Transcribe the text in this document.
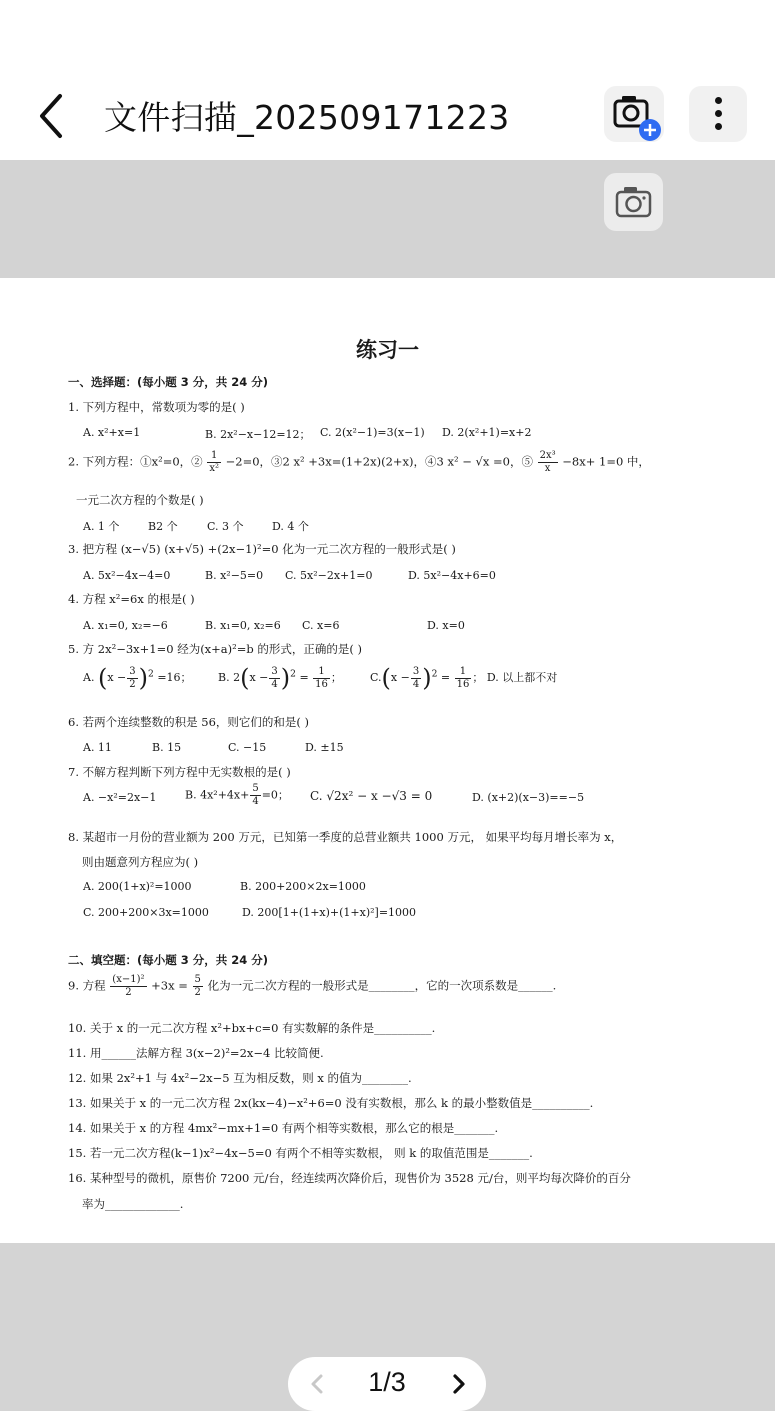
文件扫描_202509171223
练习一
一、选择题：(每小题 3 分，共 24 分)
1. 下列方程中，常数项为零的是( )
A. x²+x=1	B. 2x²−x−12=12； C. 2(x²−1)=3(x−1) D. 2(x²+1)=x+2
2. 下列方程：①x²=0，② $\frac{1}{\text{x²}} -2=0$，③2 x² +3x=(1+2x)(2+x)，④3 x² − √x =0，⑤ $\frac{\text{2x³}}{x} -8x+ 1=0$ 中，
一元二次方程的个数是( )
A. 1 个	B2 个	C. 3 个	D. 4 个
3. 把方程 (x−√5) (x+√5) +(2x−1)²=0 化为一元二次方程的一般形式是( )
A. 5x²−4x−4=0	B. x²−5=0 C. 5x²−2x+1=0	D. 5x²−4x+6=0
4. 方程 x²=6x 的根是( )
A. x₁=0, x₂=−6	B. x₁=0, x₂=6 C. x=6	D. x=0
5. 方 2x²−3x+1=0 经为(x+a)²=b 的形式，正确的是( )
A. $(x - \frac{3}{2} )^2 =16$； B. $2(x - \frac{3}{4} )^2 = \frac{1}{16}$ ；	$C.(x - \frac{3}{4} )^2 = \frac{1}{16}$ ； D. 以上都不对
6. 若两个连续整数的积是 56，则它们的和是( )
A. 11	B. 15	C. −15	D. ±15
7. 不解方程判断下列方程中无实数根的是( )
A. −x²=2x−1	B. $4x^2+4x+ \frac{5}{4} =0$； C. √2x² − x −√3 = 0	D. (x+2)(x−3)==−5
8. 某超市一月份的营业额为 200 万元，已知第一季度的总营业额共 1000 万元， 如果平均每月增长率为 x，
则由题意列方程应为( )
A. 200(1+x)²=1000	B. 200+200×2x=1000
C. 200+200×3x=1000	D. 200[1+(1+x)+(1+x)²]=1000
二、填空题：(每小题 3 分，共 24 分)
9. 方程 $\frac{\text{(x−1)²}}{2} +3x = \frac{5}{2}$ 化为一元二次方程的一般形式是________，它的一次项系数是______.
10. 关于 x 的一元二次方程 x²+bx+c=0 有实数解的条件是__________.
11. 用______法解方程 3(x−2)²=2x−4 比较简便.
12. 如果 2x²+1 与 4x²−2x−5 互为相反数，则 x 的值为________.
13. 如果关于 x 的一元二次方程 2x(kx−4)−x²+6=0 没有实数根，那么 k 的最小整数值是__________.
14. 如果关于 x 的方程 4mx²−mx+1=0 有两个相等实数根，那么它的根是_______.
15. 若一元二次方程(k−1)x²−4x−5=0 有两个不相等实数根， 则 k 的取值范围是_______.
16. 某种型号的微机，原售价 7200 元/台，经连续两次降价后，现售价为 3528 元/台，则平均每次降价的百分
率为_____________.
1/3
